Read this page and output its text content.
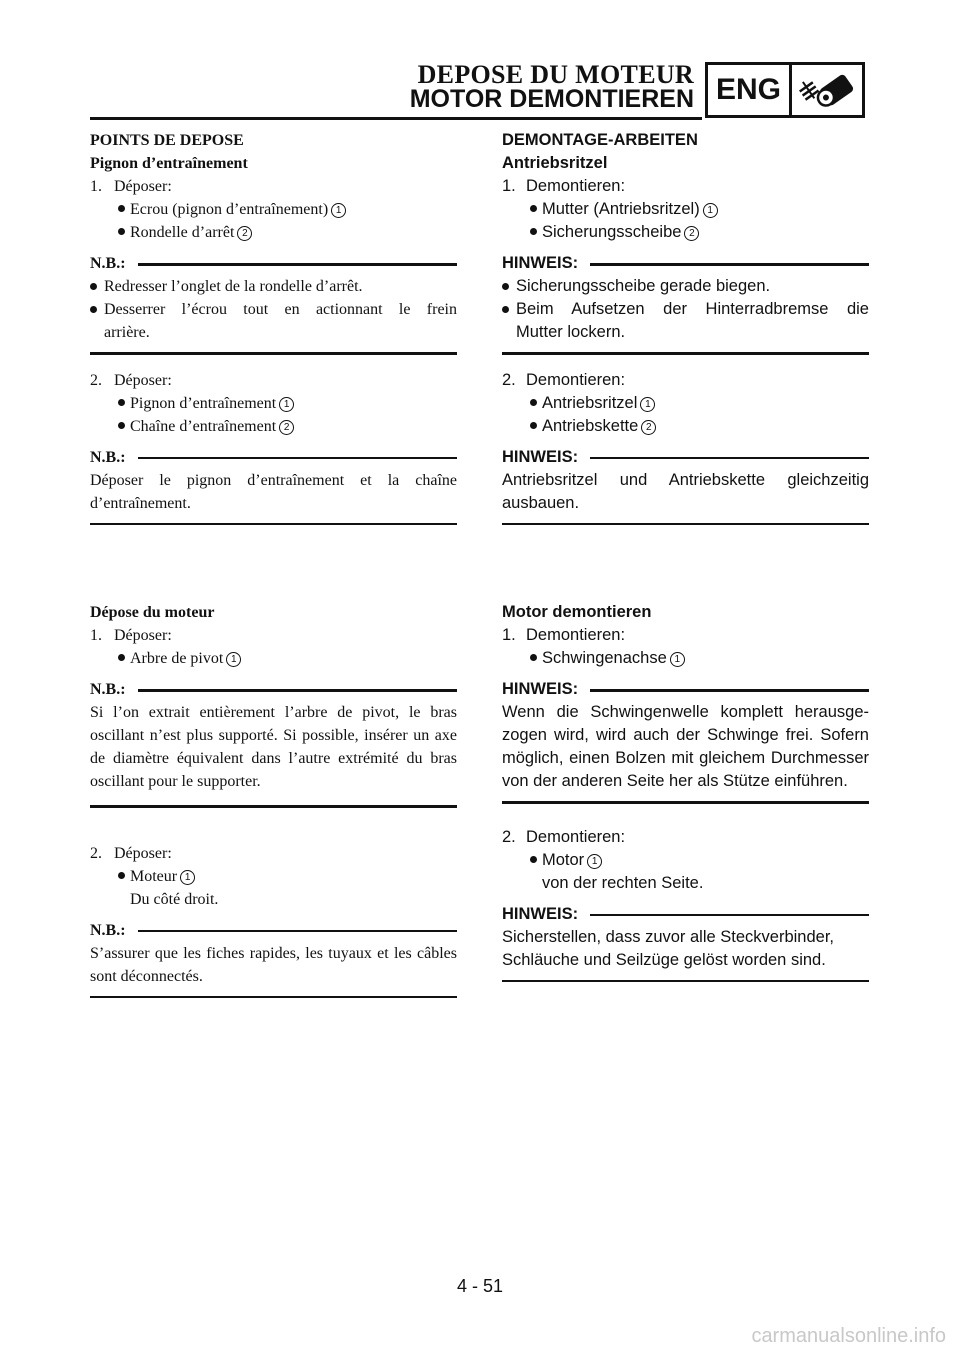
DEPOSE DU MOTEUR
MOTOR DEMONTIEREN ENG
POINTS DE DEPOSE
Pignon d’entraînement
1. Déposer:
Ecrou (pignon d’entraînement) 1
Rondelle d’arrêt 2
N.B.:
Redresser l’onglet de la rondelle d’arrêt.
Desserrer l’écrou tout en actionnant le frein
arrière.
2. Déposer:
Pignon d’entraînement 1
Chaîne d’entraînement 2
N.B.:
Déposer le pignon d’entraînement et la chaîne d’entraînement.
Dépose du moteur
1. Déposer:
Arbre de pivot 1
N.B.:
Si l’on extrait entièrement l’arbre de pivot, le bras oscillant n’est plus supporté. Si possible, insérer un axe de diamètre équivalent dans l’autre extrémité du bras oscillant pour le supporter.
2. Déposer:
Moteur 1
Du côté droit.
N.B.:
S’assurer que les fiches rapides, les tuyaux et les câbles sont déconnectés.
DEMONTAGE-ARBEITEN
Antriebsritzel
1. Demontieren:
Mutter (Antriebsritzel) 1
Sicherungsscheibe 2
HINWEIS:
Sicherungsscheibe gerade biegen.
Beim Aufsetzen der Hinterradbremse die
Mutter lockern.
2. Demontieren:
Antriebsritzel 1
Antriebskette 2
HINWEIS:
Antriebsritzel und Antriebskette gleichzeitig ausbauen.
Motor demontieren
1. Demontieren:
Schwingenachse 1
HINWEIS:
Wenn die Schwingenwelle komplett herausge-zogen wird, wird auch der Schwinge frei. Sofern möglich, einen Bolzen mit gleichem Durchmesser von der anderen Seite her als Stütze einführen.
2. Demontieren:
Motor 1
von der rechten Seite.
HINWEIS:
Sicherstellen, dass zuvor alle Steckverbinder, Schläuche und Seilzüge gelöst worden sind.
4 - 51
carmanualsonline.info
